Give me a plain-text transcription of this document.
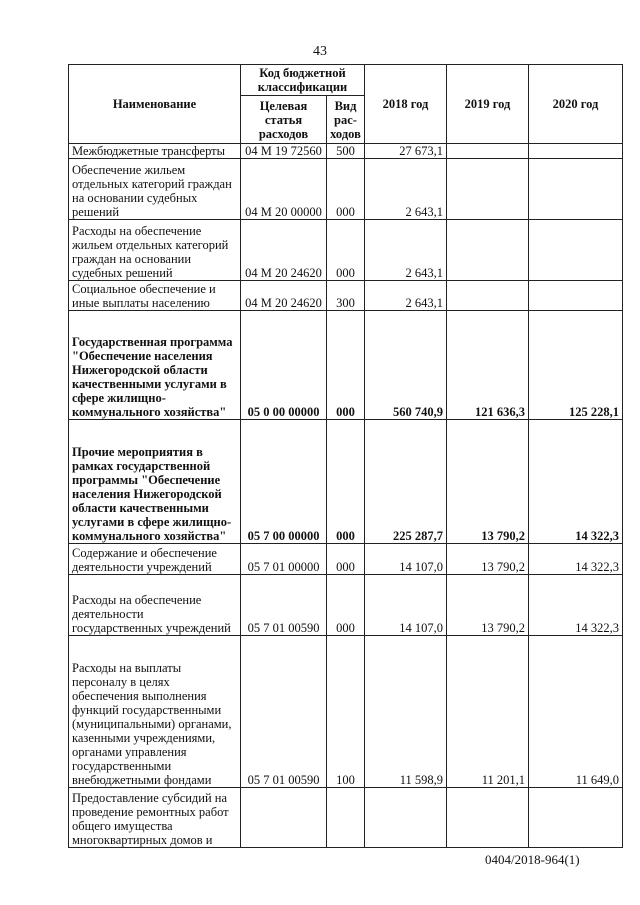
43
Наименование	Код бюджетной классификации		2018 год	2019 год	2020 год
	Целевая статья расходов	Вид рас-ходов			
Межбюджетные трансферты	04 М 19 72560	500	27 673,1		
Обеспечение жильем отдельных категорий граждан на основании судебных решений	04 М 20 00000	000	2 643,1		
Расходы на обеспечение жильем отдельных категорий граждан на основании судебных решений	04 М 20 24620	000	2 643,1		
Социальное обеспечение и иные выплаты населению	04 М 20 24620	300	2 643,1		
Государственная программа "Обеспечение населения Нижегородской области качественными услугами в сфере жилищно-коммунального хозяйства"	05 0 00 00000	000	560 740,9	121 636,3	125 228,1
Прочие мероприятия в рамках государственной программы "Обеспечение населения Нижегородской области качественными услугами в сфере жилищно-коммунального хозяйства"	05 7 00 00000	000	225 287,7	13 790,2	14 322,3
Содержание и обеспечение деятельности учреждений	05 7 01 00000	000	14 107,0	13 790,2	14 322,3
Расходы на обеспечение деятельности государственных учреждений	05 7 01 00590	000	14 107,0	13 790,2	14 322,3
Расходы на выплаты персоналу в целях обеспечения выполнения функций государственными (муниципальными) органами, казенными учреждениями, органами управления государственными внебюджетными фондами	05 7 01 00590	100	11 598,9	11 201,1	11 649,0
Предоставление субсидий на проведение ремонтных работ общего имущества многоквартирных домов и					
0404/2018-964(1)
